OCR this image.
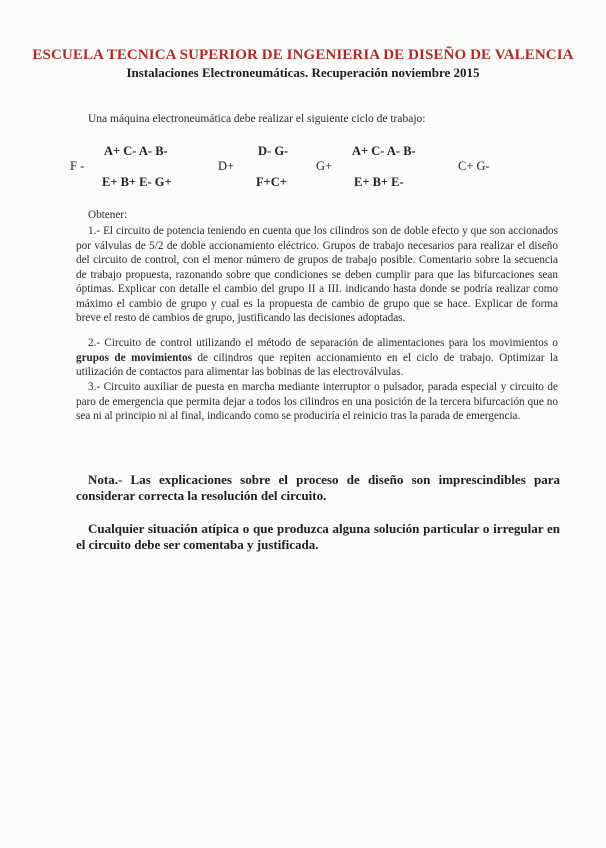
ESCUELA TECNICA SUPERIOR DE INGENIERIA DE DISEÑO DE VALENCIA
Instalaciones Electroneumáticas. Recuperación noviembre 2015
Una máquina electroneumática debe realizar el siguiente ciclo de trabajo:
F -
A+ C- A- B-
E+ B+ E- G+
D+
D- G-
F+C+
G+
A+ C- A- B-
E+ B+ E-
C+ G-
Obtener:

1.- El circuito de potencia teniendo en cuenta que los cilindros son de doble efecto y que son accionados por válvulas de 5/2 de doble accionamiento eléctrico. Grupos de trabajo necesarios para realizar el diseño del circuito de control, con el menor número de grupos de trabajo posible. Comentario sobre la secuencia de trabajo propuesta, razonando sobre que condiciones se deben cumplir para que las bifurcaciones sean óptimas. Explicar con detalle el cambio del grupo II a III. indicando hasta donde se podría realizar como máximo el cambio de grupo y cual es la propuesta de cambio de grupo que se hace. Explicar de forma breve el resto de cambios de grupo, justificando las decisiones adoptadas.

2.- Circuito de control utilizando el método de separación de alimentaciones para los movimientos o grupos de movimientos de cilindros que repiten accionamiento en el ciclo de trabajo. Optimizar la utilización de contactos para alimentar las bobinas de las electroválvulas.

3.- Circuito auxiliar de puesta en marcha mediante interruptor o pulsador, parada especial y circuito de paro de emergencia que permita dejar a todos los cilindros en una posición de la tercera bifurcación que no sea ni al principio ni al final, indicando como se produciría el reinicio tras la parada de emergencia.

Nota.- Las explicaciones sobre el proceso de diseño son imprescindibles para considerar correcta la resolución del circuito.

Cualquier situación atípica o que produzca alguna solución particular o irregular en el circuito debe ser comentaba y justificada.
